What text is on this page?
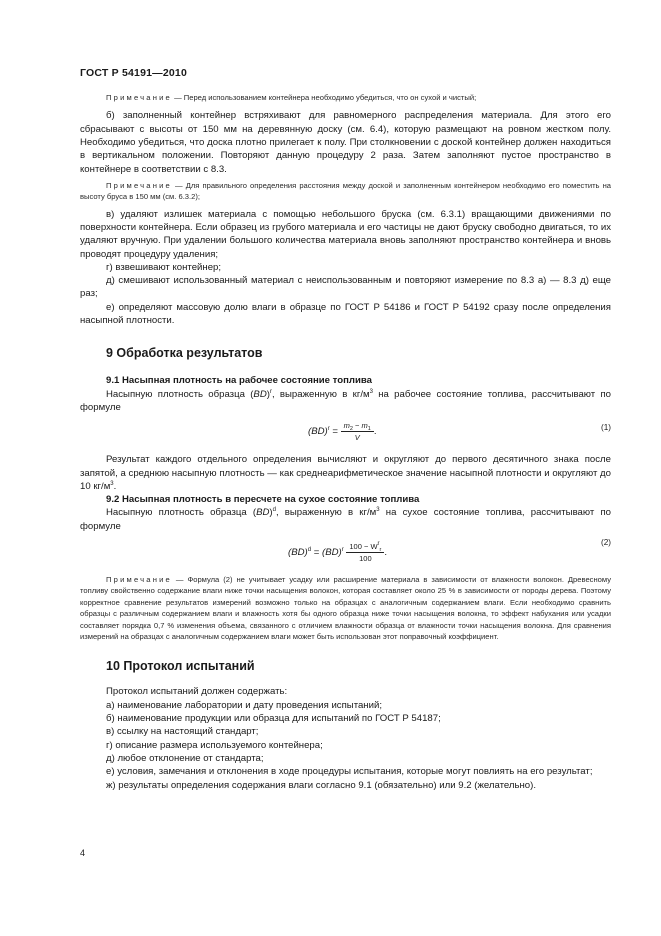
ГОСТ Р 54191—2010

Примечание — Перед использованием контейнера необходимо убедиться, что он сухой и чистый;

б) заполненный контейнер встряхивают для равномерного распределения материала. Для этого его сбрасывают с высоты от 150 мм на деревянную доску (см. 6.4), которую размещают на ровном жестком полу. Необходимо убедиться, что доска плотно прилегает к полу. При столкновении с доской контейнер должен находиться в вертикальном положении. Повторяют данную процедуру 2 раза. Затем заполняют пустое пространство в контейнере в соответствии с 8.3.

Примечание — Для правильного определения расстояния между доской и заполненным контейнером необходимо его поместить на высоту бруса в 150 мм (см. 6.3.2);

в) удаляют излишек материала с помощью небольшого бруска (см. 6.3.1) вращающими движениями по поверхности контейнера. Если образец из грубого материала и его частицы не дают бруску свободно двигаться, то их удаляют вручную. При удалении большого количества материала вновь заполняют пространство контейнера и вновь проводят процедуру удаления;

г) взвешивают контейнер;

д) смешивают использованный материал с неиспользованным и повторяют измерение по 8.3 а) — 8.3 д) еще раз;

е) определяют массовую долю влаги в образце по ГОСТ Р 54186 и ГОСТ Р 54192 сразу после определения насыпной плотности.

9 Обработка результатов

9.1 Насыпная плотность на рабочее состояние топлива

Насыпную плотность образца (BD)$^r$, выраженную в $кг/м^3$ на рабочее состояние топлива, рассчитывают по формуле

$(BD)^r = \frac{m_2 - m_1}{V}$ .	(1)

Результат каждого отдельного определения вычисляют и округляют до первого десятичного знака после запятой, а среднюю насыпную плотность — как среднеарифметическое значение насыпной плотности и округляют до 10 $кг/м^3$.

9.2 Насыпная плотность в пересчете на сухое состояние топлива

Насыпную плотность образца (BD)$^d$, выраженную в $кг/м^3$ на сухое состояние топлива, рассчитывают по формуле

$(BD)^d = (BD)^r \frac{100 - W^r_r}{100}$ .
(2)

Примечание — Формула (2) не учитывает усадку или расширение материала в зависимости от влажности волокон. Древесному топливу свойственно содержание влаги ниже точки насыщения волокон, которая составляет около 25 % в зависимости от породы дерева. Поэтому корректное сравнение результатов измерений возможно только на образцах с аналогичным содержанием влаги. Если необходимо сравнить образцы с различным содержанием влаги и влажность хотя бы одного образца ниже точки насыщения волокна, то эффект набухания или усадки составляет порядка 0,7 % изменения объема, связанного с отличием влажности образца от влажности точки насыщения волокна. Для сравнения измерений на образцах с аналогичным содержанием влаги может быть использован этот поправочный коэффициент.

10 Протокол испытаний

Протокол испытаний должен содержать:

а) наименование лаборатории и дату проведения испытаний;

б) наименование продукции или образца для испытаний по ГОСТ Р 54187;

в) ссылку на настоящий стандарт;

г) описание размера используемого контейнера;

д) любое отклонение от стандарта;

е) условия, замечания и отклонения в ходе процедуры испытания, которые могут повлиять на его результат;

ж) результаты определения содержания влаги согласно 9.1 (обязательно) или 9.2 (желательно).

4
